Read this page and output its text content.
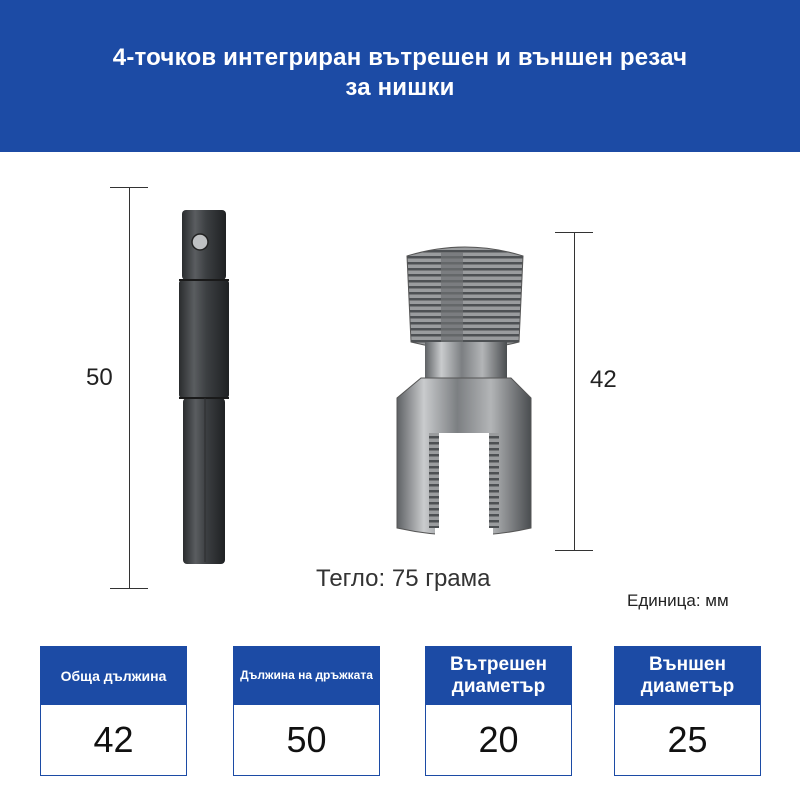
4-точков интегриран вътрешен и външен резач
за нишки
50	42
Тегло: 75 грама
Единица: мм
Обща дължина
42
Дължина на дръжката
50
Вътрешен диаметър
20
Външен диаметър
25
